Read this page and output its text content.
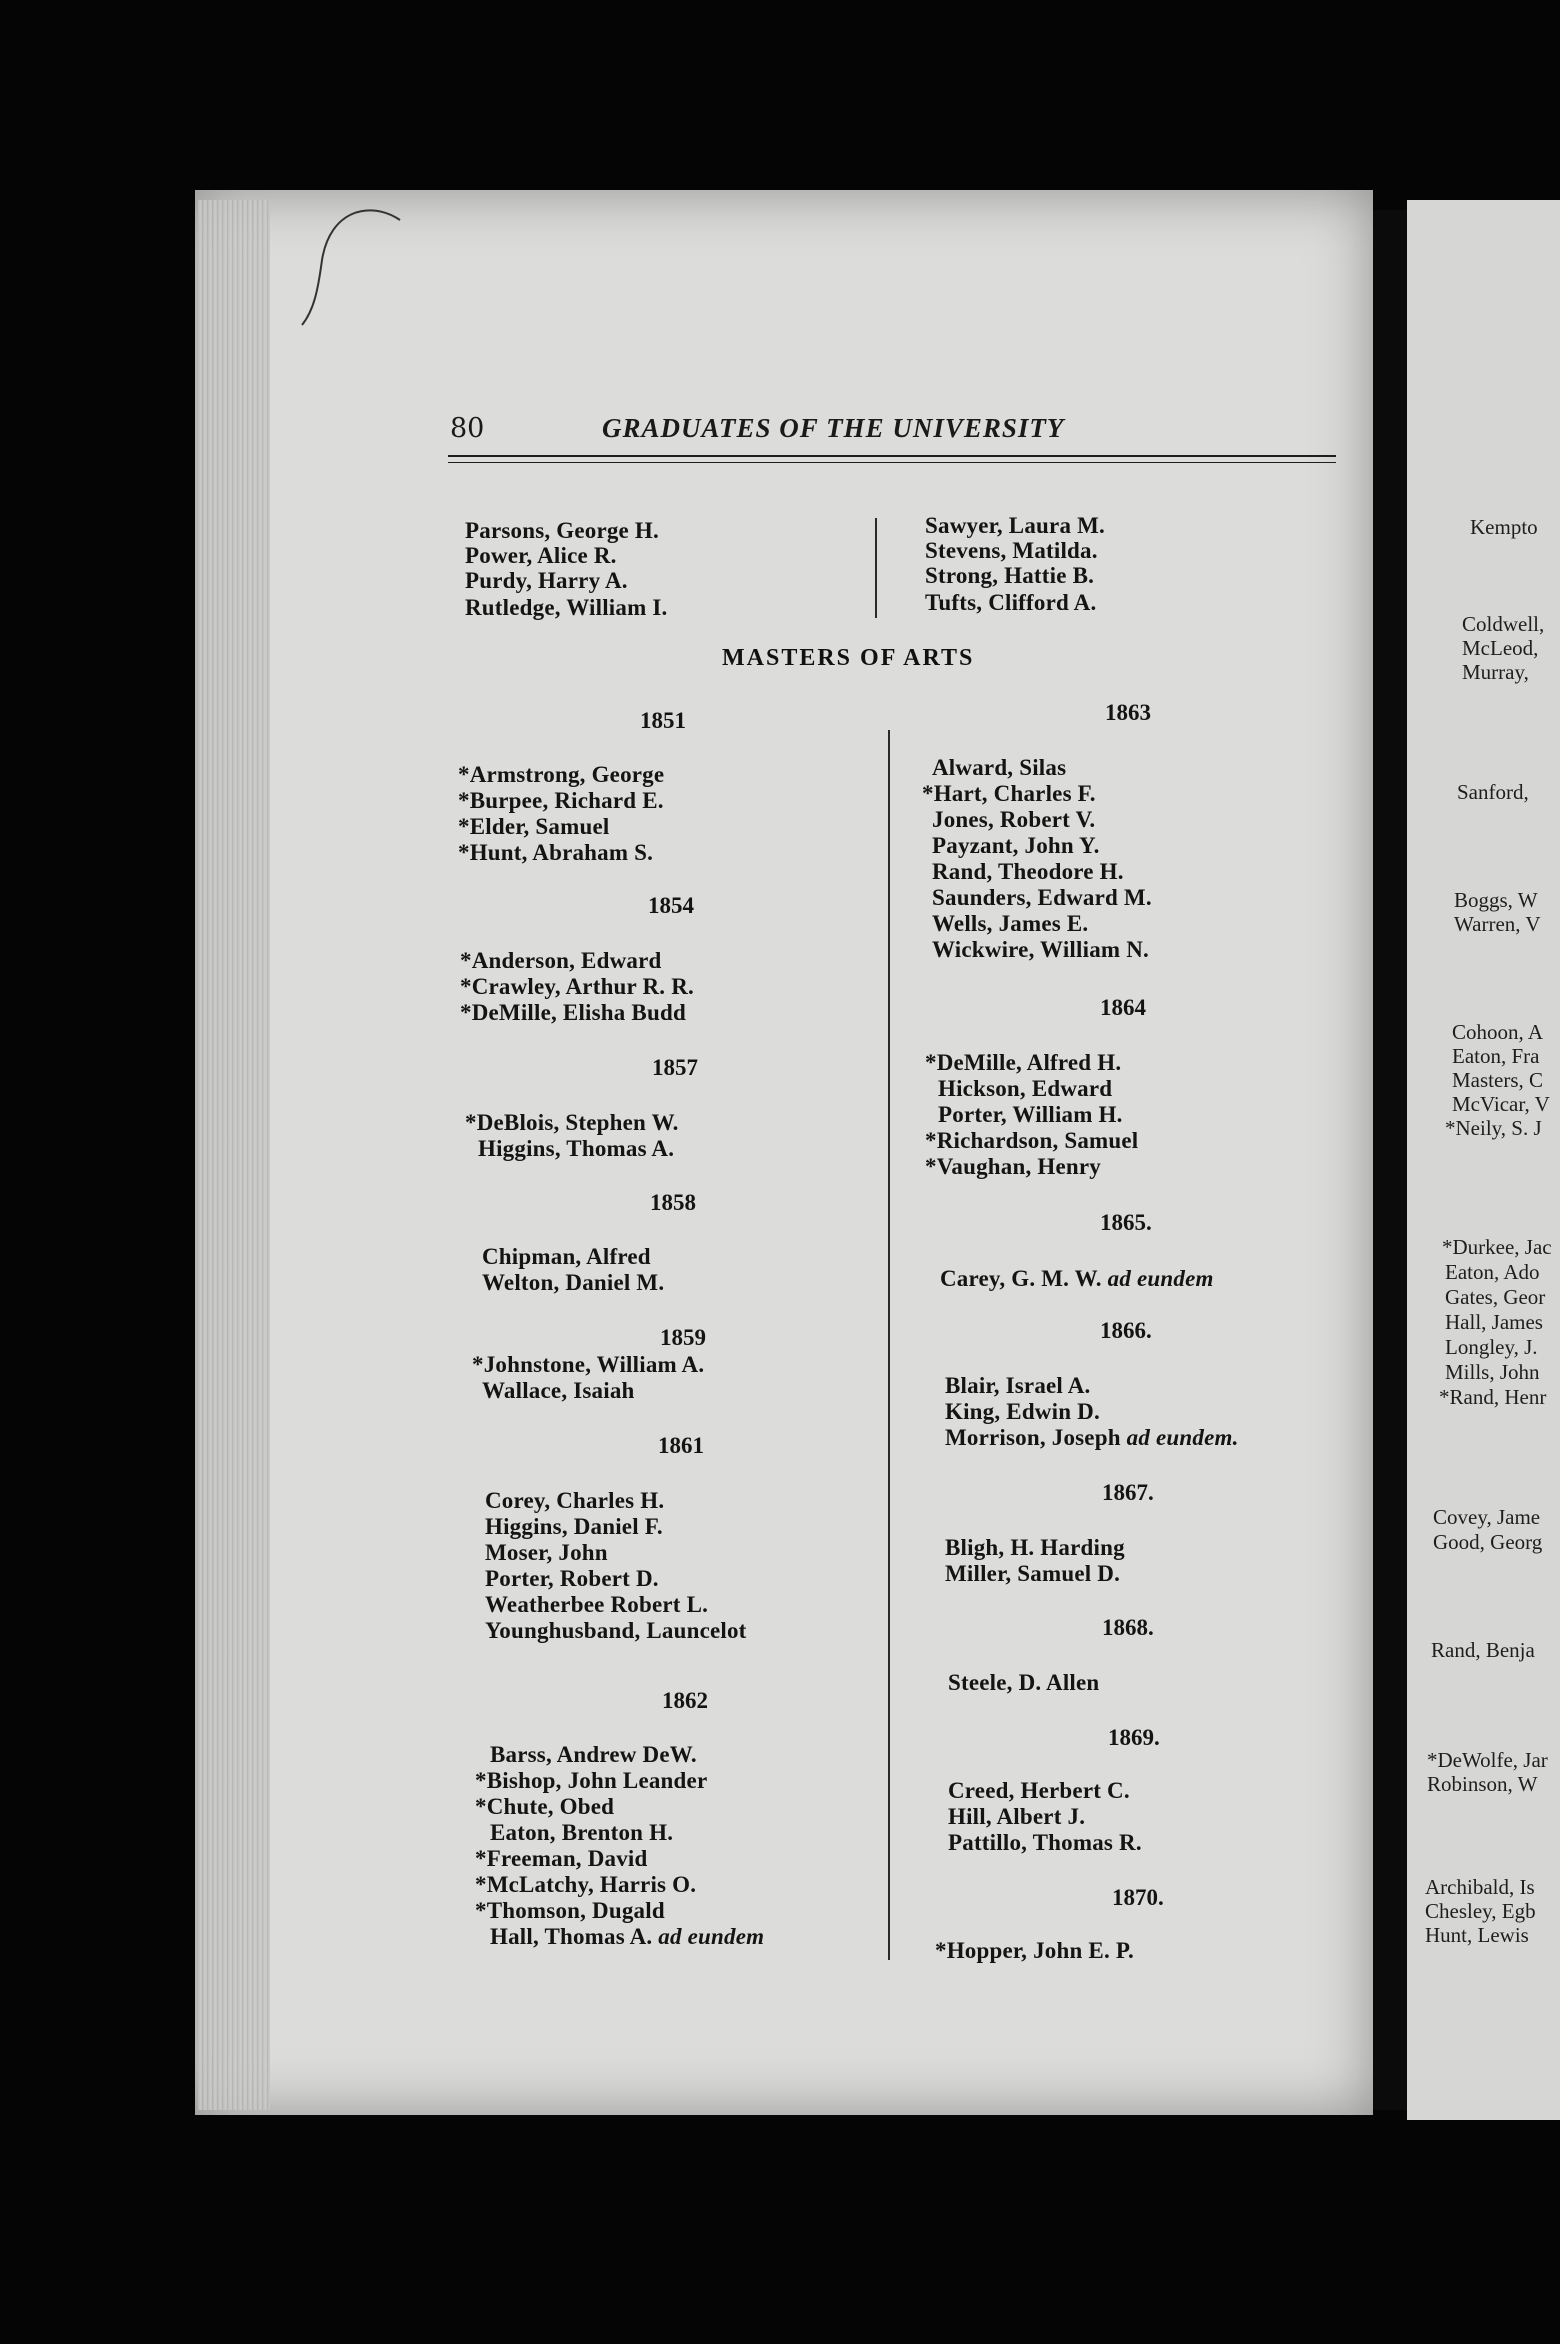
80	GRADUATES OF THE UNIVERSITY
Parsons, George H.
Power, Alice R.
Purdy, Harry A.
Rutledge, William I.
Sawyer, Laura M.
Stevens, Matilda.
Strong, Hattie B.
Tufts, Clifford A.
MASTERS OF ARTS
1851
*Armstrong, George
*Burpee, Richard E.
*Elder, Samuel
*Hunt, Abraham S.
1854
*Anderson, Edward
*Crawley, Arthur R. R.
*DeMille, Elisha Budd
1857
*DeBlois, Stephen W.
Higgins, Thomas A.
1858
Chipman, Alfred
Welton, Daniel M.
1859
*Johnstone, William A.
Wallace, Isaiah
1861
Corey, Charles H.
Higgins, Daniel F.
Moser, John
Porter, Robert D.
Weatherbee Robert L.
Younghusband, Launcelot
1862
Barss, Andrew DeW.
*Bishop, John Leander
*Chute, Obed
Eaton, Brenton H.
*Freeman, David
*McLatchy, Harris O.
*Thomson, Dugald
Hall, Thomas A. ad eundem
1863
Alward, Silas
*Hart, Charles F.
Jones, Robert V.
Payzant, John Y.
Rand, Theodore H.
Saunders, Edward M.
Wells, James E.
Wickwire, William N.
1864
*DeMille, Alfred H.
Hickson, Edward
Porter, William H.
*Richardson, Samuel
*Vaughan, Henry
1865.
Carey, G. M. W. ad eundem
1866.
Blair, Israel A.
King, Edwin D.
Morrison, Joseph ad eundem.
1867.
Bligh, H. Harding
Miller, Samuel D.
1868.
Steele, D. Allen
1869.
Creed, Herbert C.
Hill, Albert J.
Pattillo, Thomas R.
1870.
*Hopper, John E. P.
Kempto
Coldwell,
McLeod,
Murray,
Sanford,
Boggs, W
Warren, V
Cohoon, A
Eaton, Fra
Masters, C
McVicar, V
*Neily, S. J
*Durkee, Jac
Eaton, Ado
Gates, Geor
Hall, James
Longley, J.
Mills, John
*Rand, Henr
Covey, Jame
Good, Georg
Rand, Benja
*DeWolfe, Jar
Robinson, W
Archibald, Is
Chesley, Egb
Hunt, Lewis
